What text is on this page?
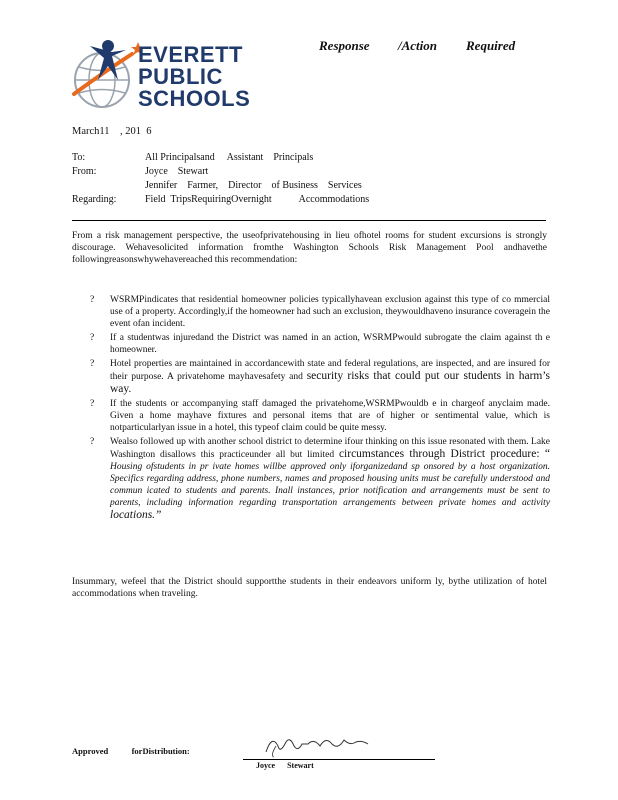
EVERETT
PUBLIC
SCHOOLS
Response /Action Required
March11    , 201  6
To:	All Principalsand     Assistant    Principals
From:	Joyce    Stewart
Jennifer    Farmer,    Director    of Business    Services
Regarding:	Field  TripsRequiringOvernight           Accommodations
From a risk management perspective, the useofprivatehousing in lieu ofhotel rooms for student excursions is strongly discourage. Wehavesolicited information fromthe Washington Schools Risk Management Pool andhavethe followingreasonswhywehavereached this recommendation:
? WSRMPindicates that residential homeowner policies typicallyhavean exclusion against this type of co mmercial use of a property. Accordingly,if the homeowner had such an exclusion, theywouldhaveno insurance coveragein the event ofan incident.
? If a studentwas injuredand the District was named in an action, WSRMPwould subrogate the claim against th e homeowner.
? Hotel properties are maintained in accordancewith state and federal regulations, are inspected, and are insured for their purpose. A privatehome mayhavesafety and security risks that could put our students in harm’s way.
? If the students or accompanying staff damaged the privatehome,WSRMPwouldb e in chargeof anyclaim made. Given a home mayhave fixtures and personal items that are of higher or sentimental value, which is notparticularlyan issue in a hotel, this typeof claim could be quite messy.
? Wealso followed up with another school district to determine ifour thinking on this issue resonated with them. Lake Washington disallows this practiceunder all but limited circumstances through District procedure: “ Housing ofstudents in pr ivate homes willbe approved only iforganizedand sp onsored by a host organization. Specifics regarding address, phone numbers, names and proposed housing units must be carefully understood and commun icated to students and parents. Inall instances, prior notification and arrangements must be sent to parents, including information regarding transportation arrangements between private homes and activity locations.”
Insummary, wefeel that the District should supportthe students in their endeavors uniform ly, bythe utilization of hotel accommodations when traveling.
Approved           forDistribution:
Joyce      Stewart
